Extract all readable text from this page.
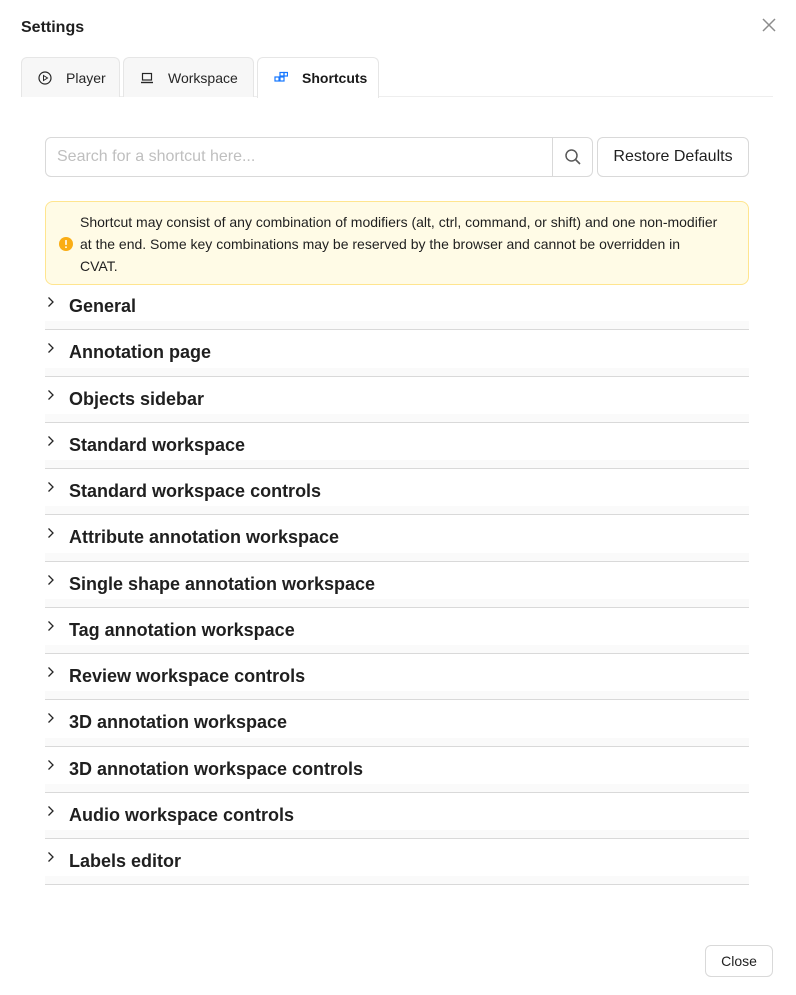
Settings
Player	Workspace	Shortcuts
Search for a shortcut here...
Restore Defaults
Shortcut may consist of any combination of modifiers (alt, ctrl, command, or shift) and one non-modifier at the end. Some key combinations may be reserved by the browser and cannot be overridden in CVAT.
General
Annotation page
Objects sidebar
Standard workspace
Standard workspace controls
Attribute annotation workspace
Single shape annotation workspace
Tag annotation workspace
Review workspace controls
3D annotation workspace
3D annotation workspace controls
Audio workspace controls
Labels editor
Close
